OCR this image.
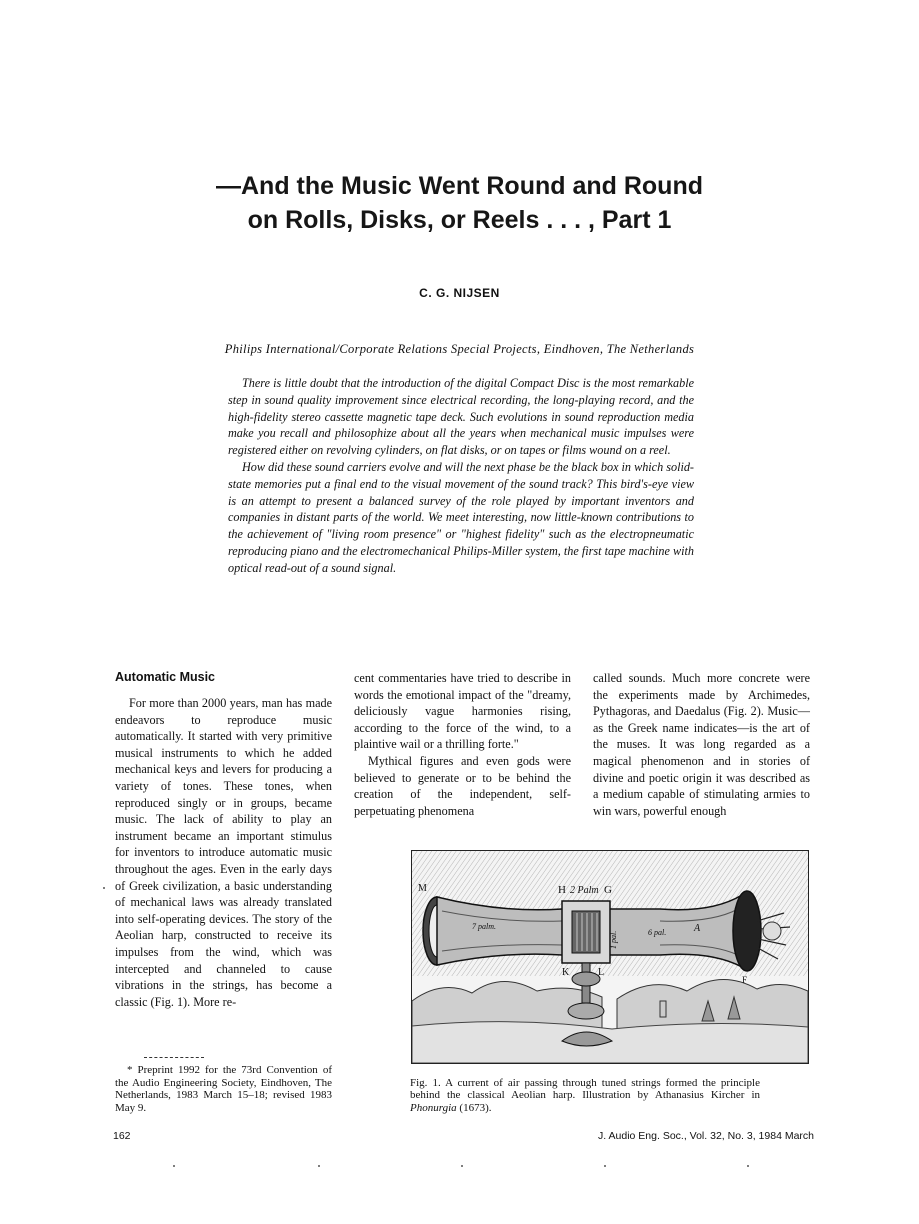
—And the Music Went Round and Round
on Rolls, Disks, or Reels . . . , Part 1
C. G. NIJSEN
Philips International/Corporate Relations Special Projects, Eindhoven, The Netherlands

There is little doubt that the introduction of the digital Compact Disc is the most remarkable step in sound quality improvement since electrical recording, the long-playing record, and the high-fidelity stereo cassette magnetic tape deck. Such evolutions in sound reproduction media make you recall and philosophize about all the years when mechanical music impulses were registered either on revolving cylinders, on flat disks, or on tapes or films wound on a reel.

How did these sound carriers evolve and will the next phase be the black box in which solid-state memories put a final end to the visual movement of the sound track? This bird's-eye view is an attempt to present a balanced survey of the role played by important inventors and companies in distant parts of the world. We meet interesting, now little-known contributions to the achievement of "living room presence" or "highest fidelity" such as the electropneumatic reproducing piano and the electromechanical Philips-Miller system, the first tape machine with optical read-out of a sound signal.

Automatic Music

For more than 2000 years, man has made endeavors to reproduce music automatically. It started with very primitive musical instruments to which he added mechanical keys and levers for producing a variety of tones. These tones, when reproduced singly or in groups, became music. The lack of ability to play an instrument became an important stimulus for inventors to introduce automatic music throughout the ages. Even in the early days of Greek civilization, a basic understanding of mechanical laws was already translated into self-operating devices. The story of the Aeolian harp, constructed to receive its impulses from the wind, which was intercepted and channeled to cause vibrations in the strings, has become a classic (Fig. 1). More re-

cent commentaries have tried to describe in words the emotional impact of the "dreamy, deliciously vague harmonies rising, according to the force of the wind, to a plaintive wail or a thrilling forte."

Mythical figures and even gods were believed to generate or to be behind the creation of the independent, self-perpetuating phenomena

called sounds. Much more concrete were the experiments made by Archimedes, Pythagoras, and Daedalus (Fig. 2). Music—as the Greek name indicates—is the art of the muses. It was long regarded as a magical phenomenon and in stories of divine and poetic origin it was described as a medium capable of stimulating armies to win wars, powerful enough

* Preprint 1992 for the 73rd Convention of the Audio Engineering Society, Eindhoven, The Netherlands, 1983 March 15–18; revised 1983 May 9.

M	H 2 Palm G
7 palm.
6 pal.
1 pal.
A
K	L
F
Fig. 1. A current of air passing through tuned strings formed the principle behind the classical Aeolian harp. Illustration by Athanasius Kircher in Phonurgia (1673).
162	J. Audio Eng. Soc., Vol. 32, No. 3, 1984 March
